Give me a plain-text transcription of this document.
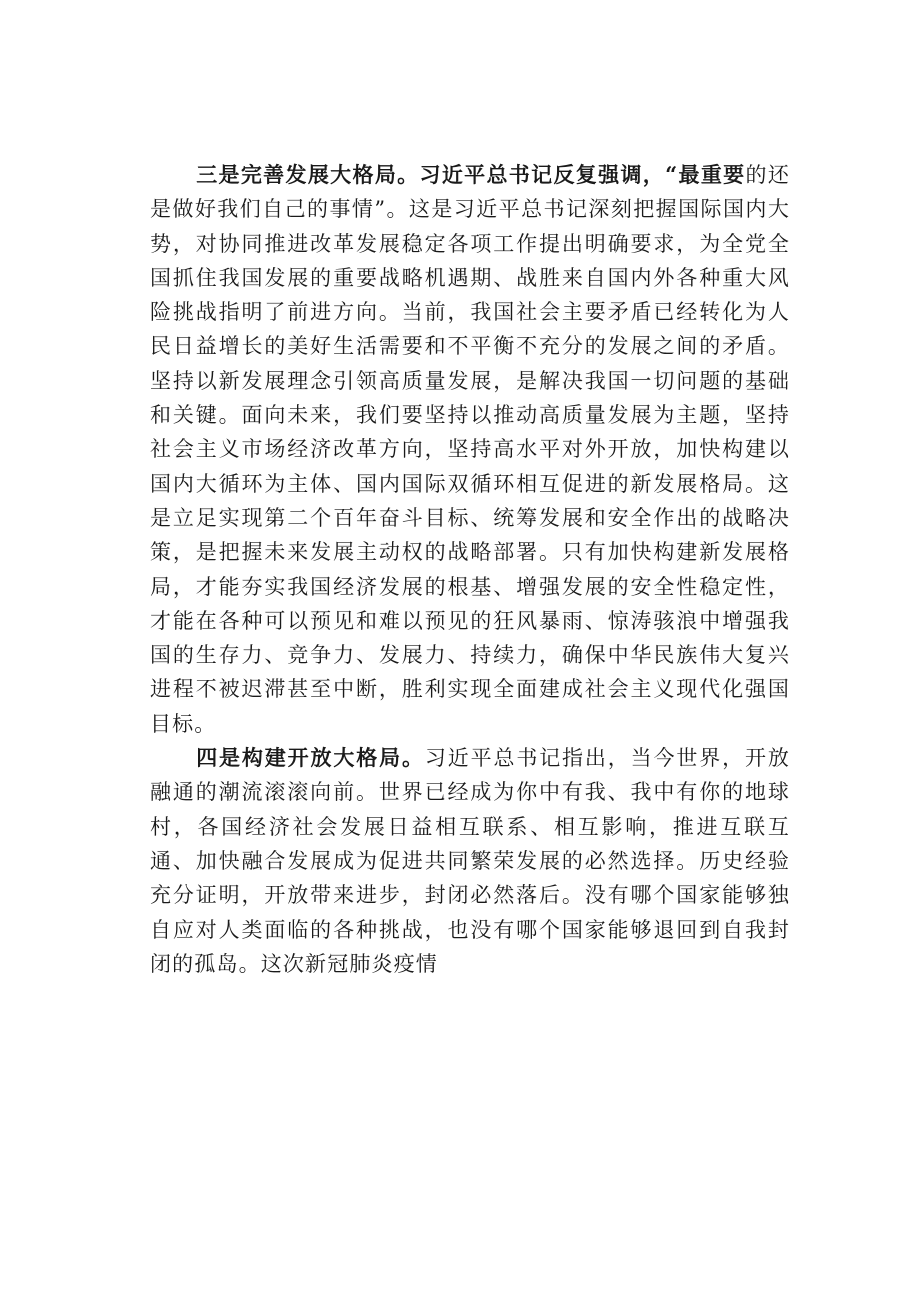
三是完善发展大格局。习近平总书记反复强调，“最重要的还是做好我们自己的事情”。这是习近平总书记深刻把握国际国内大势，对协同推进改革发展稳定各项工作提出明确要求，为全党全国抓住我国发展的重要战略机遇期、战胜来自国内外各种重大风险挑战指明了前进方向。当前，我国社会主要矛盾已经转化为人民日益增长的美好生活需要和不平衡不充分的发展之间的矛盾。坚持以新发展理念引领高质量发展，是解决我国一切问题的基础和关键。面向未来，我们要坚持以推动高质量发展为主题，坚持社会主义市场经济改革方向，坚持高水平对外开放，加快构建以国内大循环为主体、国内国际双循环相互促进的新发展格局。这是立足实现第二个百年奋斗目标、统筹发展和安全作出的战略决策，是把握未来发展主动权的战略部署。只有加快构建新发展格局，才能夯实我国经济发展的根基、增强发展的安全性稳定性，才能在各种可以预见和难以预见的狂风暴雨、惊涛骇浪中增强我国的生存力、竞争力、发展力、持续力，确保中华民族伟大复兴进程不被迟滞甚至中断，胜利实现全面建成社会主义现代化强国目标。

四是构建开放大格局。习近平总书记指出，当今世界，开放融通的潮流滚滚向前。世界已经成为你中有我、我中有你的地球村，各国经济社会发展日益相互联系、相互影响，推进互联互通、加快融合发展成为促进共同繁荣发展的必然选择。历史经验充分证明，开放带来进步，封闭必然落后。没有哪个国家能够独自应对人类面临的各种挑战，也没有哪个国家能够退回到自我封闭的孤岛。这次新冠肺炎疫情
